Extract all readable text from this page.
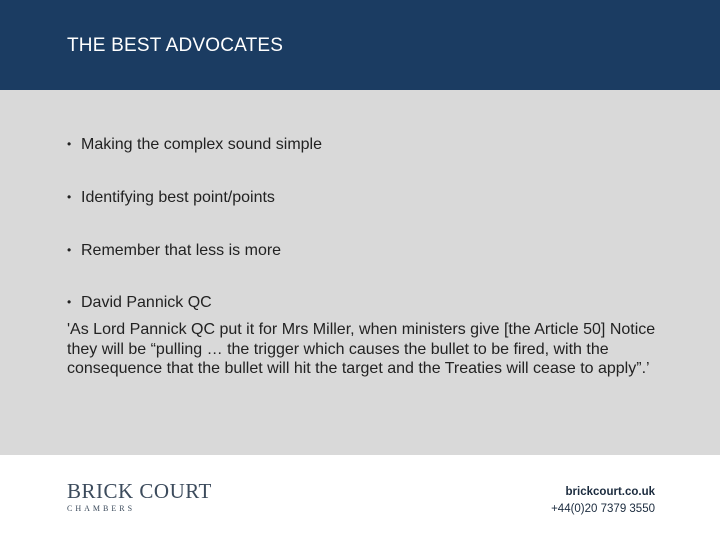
THE BEST ADVOCATES
• Making the complex sound simple
• Identifying best point/points
• Remember that less is more
• David Pannick QC
'As Lord Pannick QC put it for Mrs Miller, when ministers give [the Article 50] Notice they will be “pulling … the trigger which causes the bullet to be fired, with the consequence that the bullet will hit the target and the Treaties will cease to apply”.’
BRICK COURT
CHAMBERS
brickcourt.co.uk
+44(0)20 7379 3550
